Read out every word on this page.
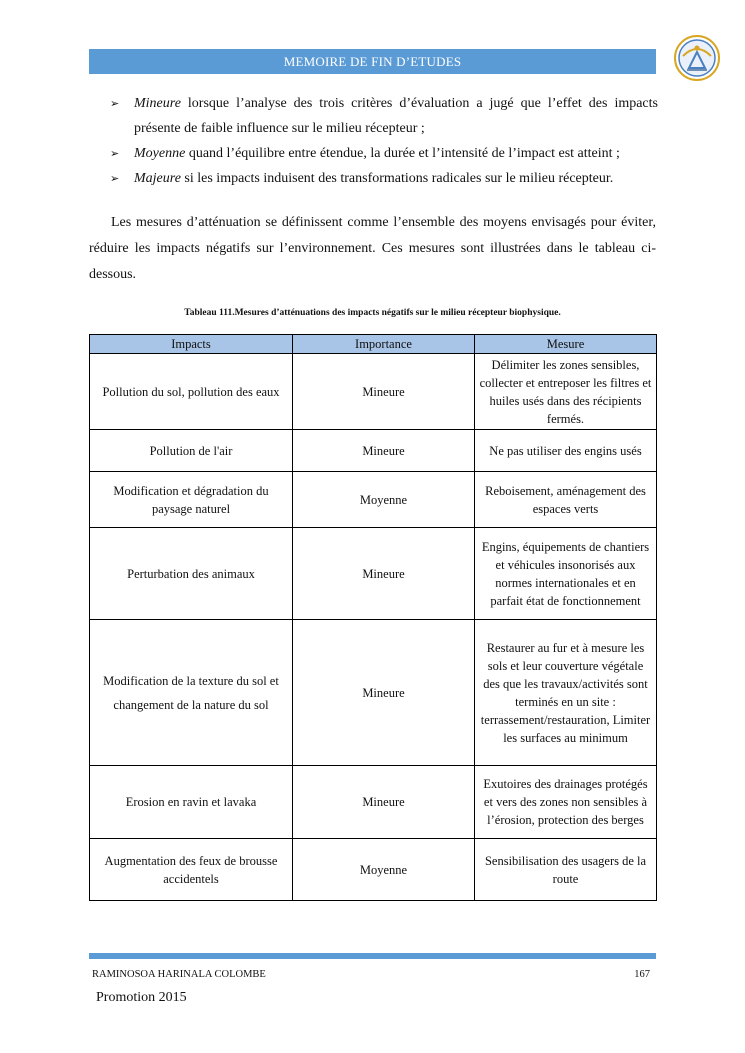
MEMOIRE DE FIN D’ETUDES
➢ Mineure lorsque l’analyse des trois critères d’évaluation a jugé que l’effet des impacts présente de faible influence sur le milieu récepteur ;
➢ Moyenne quand l’équilibre entre étendue, la durée et l’intensité de l’impact est atteint ;
➢ Majeure si les impacts induisent des transformations radicales sur le milieu récepteur.

Les mesures d’atténuation se définissent comme l’ensemble des moyens envisagés pour éviter, réduire les impacts négatifs sur l’environnement. Ces mesures sont illustrées dans le tableau ci-dessous.

Tableau 111.Mesures d’atténuations des impacts négatifs sur le milieu récepteur biophysique.
Impacts	Importance	Mesure
Pollution du sol, pollution des eaux	Mineure	Délimiter les zones sensibles, collecter et entreposer les filtres et huiles usés dans des récipients fermés.
Pollution de l'air	Mineure	Ne pas utiliser des engins usés
Modification et dégradation du paysage naturel	Moyenne	Reboisement, aménagement des espaces verts
Perturbation des animaux	Mineure	Engins, équipements de chantiers et véhicules insonorisés aux normes internationales et en parfait état de fonctionnement
Modification de la texture du sol et changement de la nature du sol	Mineure	Restaurer au fur et à mesure les sols et leur couverture végétale des que les travaux/activités sont terminés en un site : terrassement/restauration, Limiter les surfaces au minimum
Erosion en ravin et lavaka	Mineure	Exutoires des drainages protégés et vers des zones non sensibles à l’érosion, protection des berges
Augmentation des feux de brousse accidentels	Moyenne	Sensibilisation des usagers de la route
RAMINOSOA HARINALA COLOMBE	167
Promotion 2015
